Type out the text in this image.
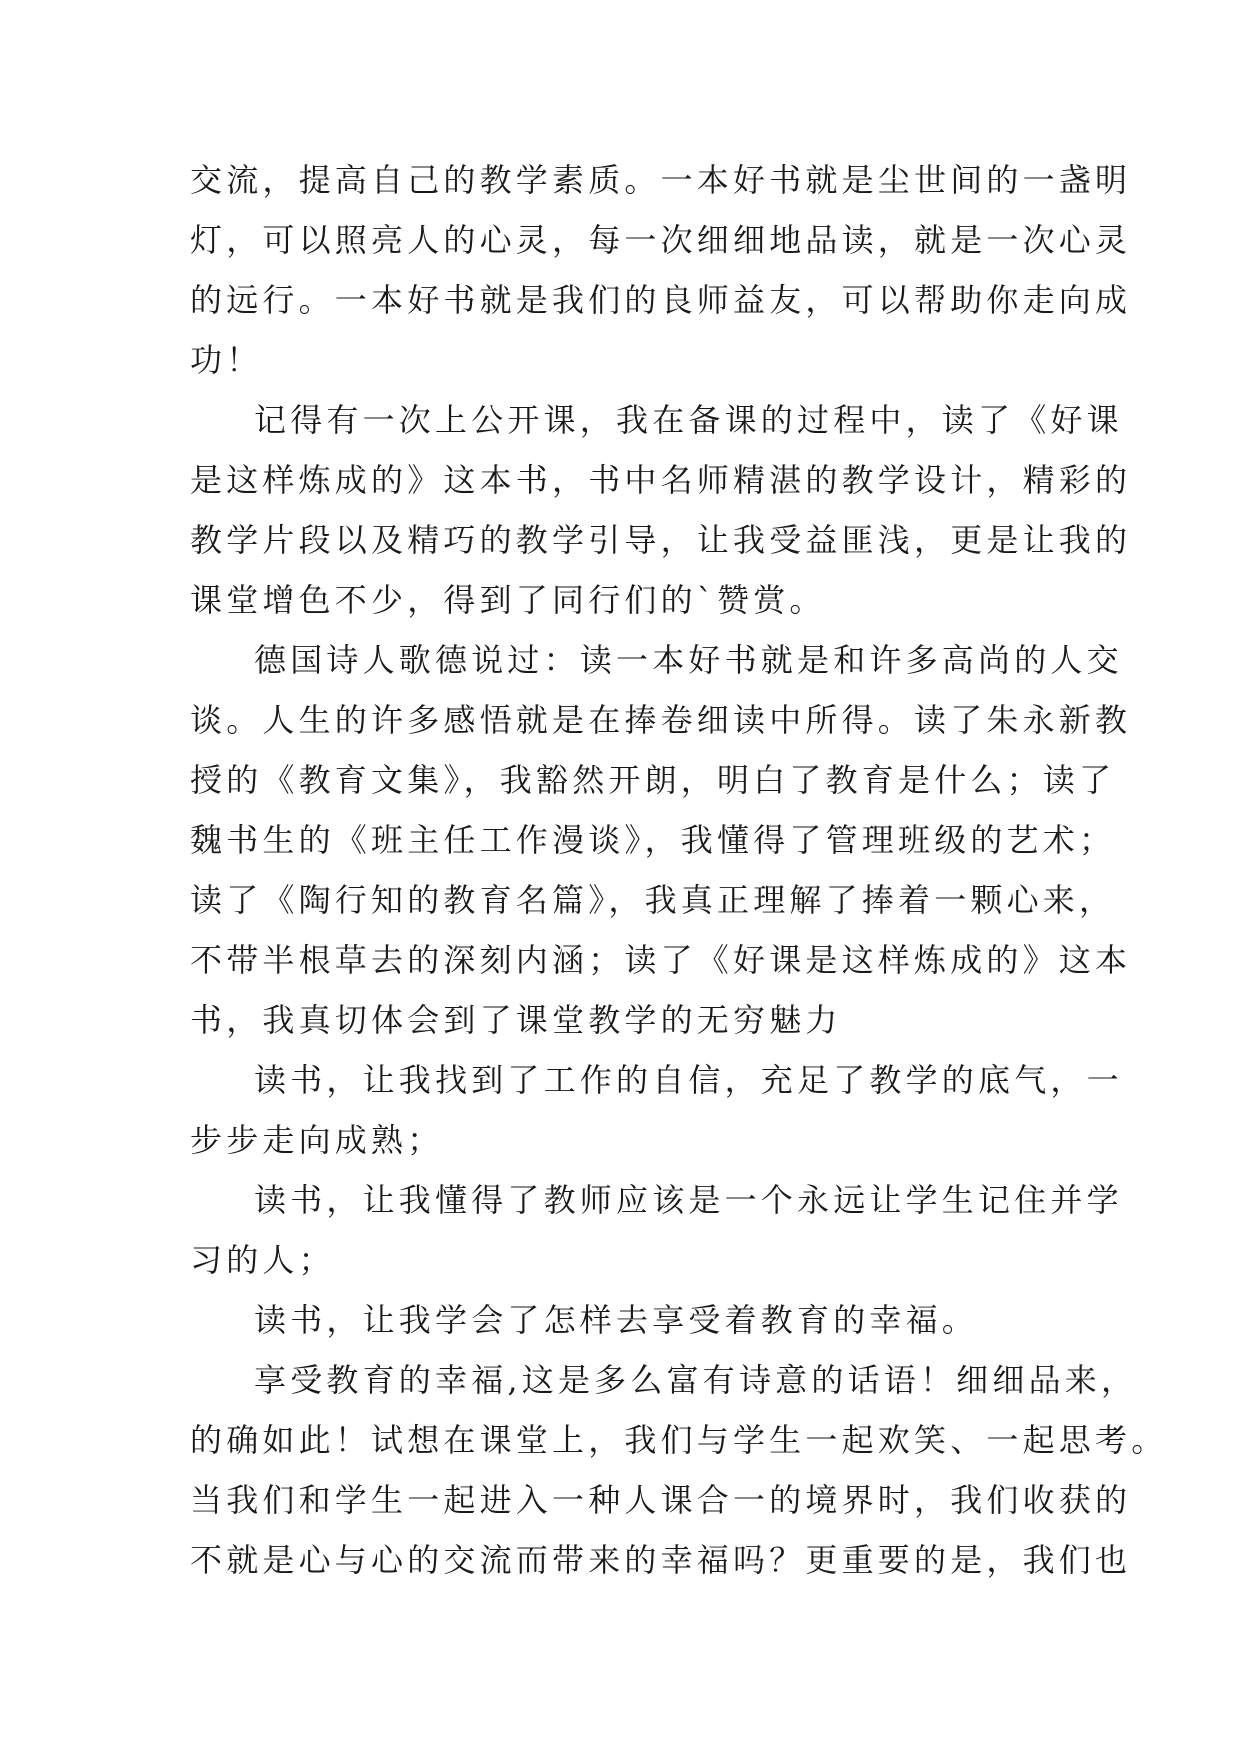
交流，提高自己的教学素质。一本好书就是尘世间的一盏明
灯，可以照亮人的心灵，每一次细细地品读，就是一次心灵
的远行。一本好书就是我们的良师益友，可以帮助你走向成
功！
记得有一次上公开课，我在备课的过程中，读了《好课
是这样炼成的》这本书，书中名师精湛的教学设计，精彩的
教学片段以及精巧的教学引导，让我受益匪浅，更是让我的
课堂增色不少，得到了同行们的`赞赏。
德国诗人歌德说过：读一本好书就是和许多高尚的人交
谈。人生的许多感悟就是在捧卷细读中所得。读了朱永新教
授的《教育文集》，我豁然开朗，明白了教育是什么；读了
魏书生的《班主任工作漫谈》，我懂得了管理班级的艺术；
读了《陶行知的教育名篇》，我真正理解了捧着一颗心来，
不带半根草去的深刻内涵；读了《好课是这样炼成的》这本
书，我真切体会到了课堂教学的无穷魅力
读书，让我找到了工作的自信，充足了教学的底气，一
步步走向成熟；
读书，让我懂得了教师应该是一个永远让学生记住并学
习的人；
读书，让我学会了怎样去享受着教育的幸福。
享受教育的幸福,这是多么富有诗意的话语！细细品来，
的确如此！试想在课堂上，我们与学生一起欢笑、一起思考。
当我们和学生一起进入一种人课合一的境界时，我们收获的
不就是心与心的交流而带来的幸福吗？更重要的是，我们也
